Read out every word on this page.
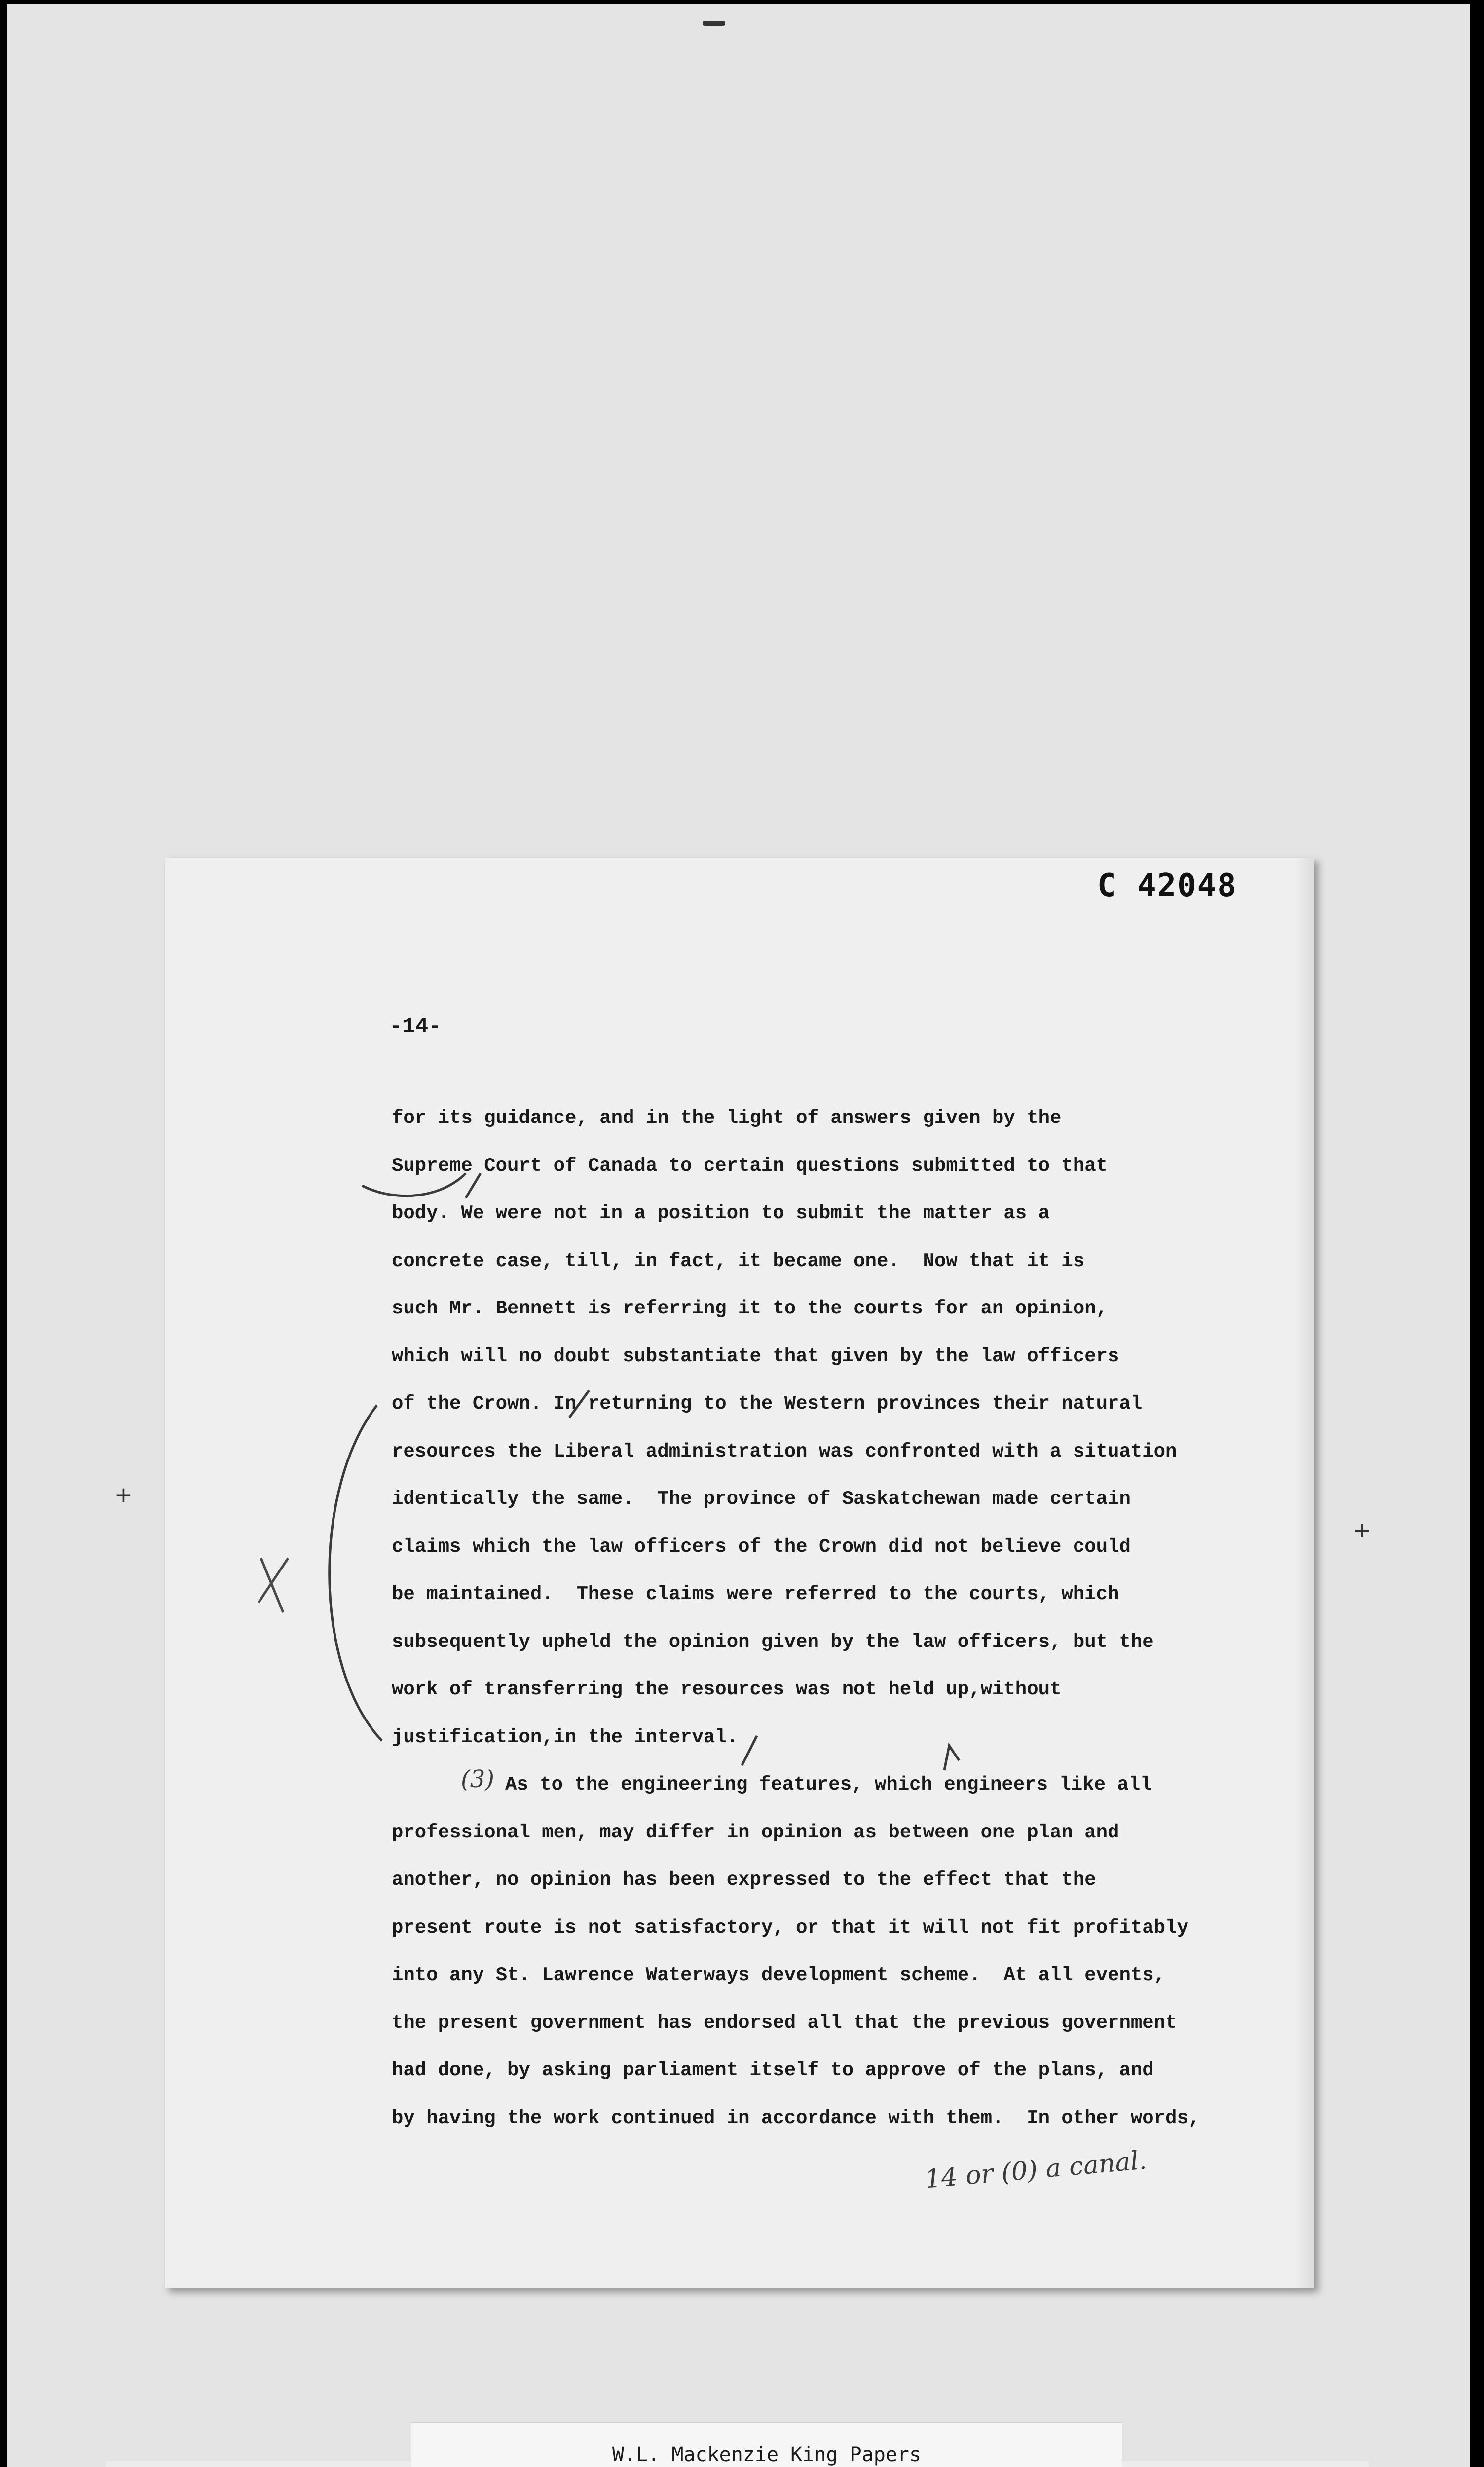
+
+
C 42048
-14-
for its guidance, and in the light of answers given by the
Supreme Court of Canada to certain questions submitted to that
body. We were not in a position to submit the matter as a
concrete case, till, in fact, it became one.  Now that it is
such Mr. Bennett is referring it to the courts for an opinion,
which will no doubt substantiate that given by the law officers
of the Crown. In returning to the Western provinces their natural
resources the Liberal administration was confronted with a situation
identically the same.  The province of Saskatchewan made certain
claims which the law officers of the Crown did not believe could
be maintained.  These claims were referred to the courts, which
subsequently upheld the opinion given by the law officers, but the
work of transferring the resources was not held up,without
justification,in the interval.
As to the engineering features, which engineers like all
professional men, may differ in opinion as between one plan and
another, no opinion has been expressed to the effect that the
present route is not satisfactory, or that it will not fit profitably
into any St. Lawrence Waterways development scheme.  At all events,
the present government has endorsed all that the previous government
had done, by asking parliament itself to approve of the plans, and
by having the work continued in accordance with them.  In other words,
(3)
14 or (0) a canal.
W.L. Mackenzie King Papers
